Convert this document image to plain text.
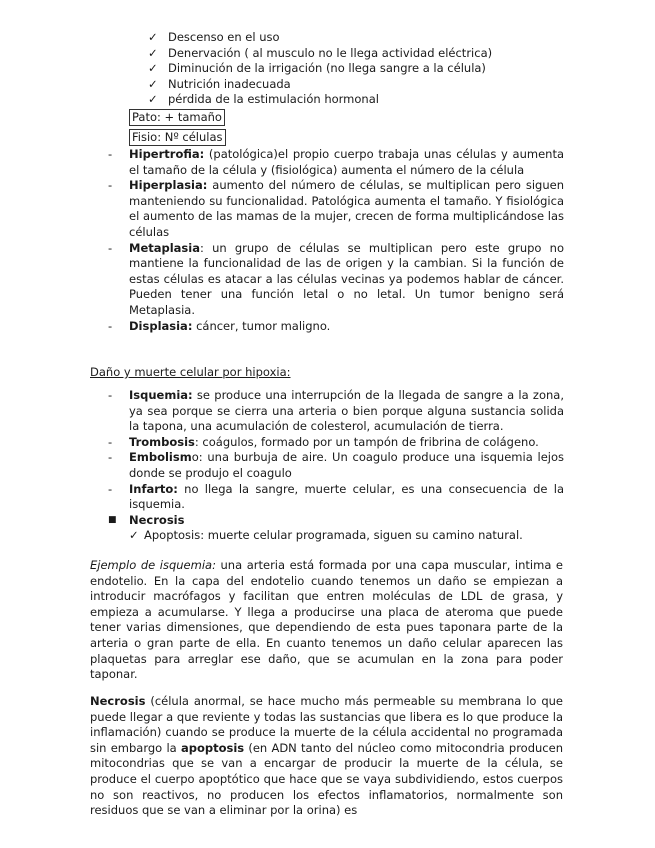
✓ Descenso en el uso
✓ Denervación ( al musculo no le llega actividad eléctrica)
✓ Diminución de la irrigación (no llega sangre a la célula)
✓ Nutrición inadecuada
✓ pérdida de la estimulación hormonal
Pato: + tamaño
Fisio: Nº células
- Hipertrofia: (patológica)el propio cuerpo trabaja unas células y aumenta el tamaño de la célula y (fisiológica) aumenta el número de la célula
- Hiperplasia: aumento del número de células, se multiplican pero siguen manteniendo su funcionalidad. Patológica aumenta el tamaño. Y fisiológica el aumento de las mamas de la mujer, crecen de forma multiplicándose las células
- Metaplasia: un grupo de células se multiplican pero este grupo no mantiene la funcionalidad de las de origen y la cambian. Si la función de estas células es atacar a las células vecinas ya podemos hablar de cáncer. Pueden tener una función letal o no letal. Un tumor benigno será Metaplasia.
- Displasia: cáncer, tumor maligno.
Daño y muerte celular por hipoxia:
- Isquemia: se produce una interrupción de la llegada de sangre a la zona, ya sea porque se cierra una arteria o bien porque alguna sustancia solida la tapona, una acumulación de colesterol, acumulación de tierra.
- Trombosis: coágulos, formado por un tampón de fribrina de colágeno.
- Embolismo: una burbuja de aire. Un coagulo produce una isquemia lejos donde se produjo el coagulo
- Infarto: no llega la sangre, muerte celular, es una consecuencia de la isquemia.
■ Necrosis
✓ Apoptosis: muerte celular programada, siguen su camino natural.

Ejemplo de isquemia: una arteria está formada por una capa muscular, intima e endotelio. En la capa del endotelio cuando tenemos un daño se empiezan a introducir macrófagos y facilitan que entren moléculas de LDL de grasa, y empieza a acumularse. Y llega a producirse una placa de ateroma que puede tener varias dimensiones, que dependiendo de esta pues taponara parte de la arteria o gran parte de ella. En cuanto tenemos un daño celular aparecen las plaquetas para arreglar ese daño, que se acumulan en la zona para poder taponar.

Necrosis (célula anormal, se hace mucho más permeable su membrana lo que puede llegar a que reviente y todas las sustancias que libera es lo que produce la inflamación) cuando se produce la muerte de la célula accidental no programada sin embargo la apoptosis (en ADN tanto del núcleo como mitocondria producen mitocondrias que se van a encargar de producir la muerte de la célula, se produce el cuerpo apoptótico que hace que se vaya subdividiendo, estos cuerpos no son reactivos, no producen los efectos inflamatorios, normalmente son residuos que se van a eliminar por la orina) es
